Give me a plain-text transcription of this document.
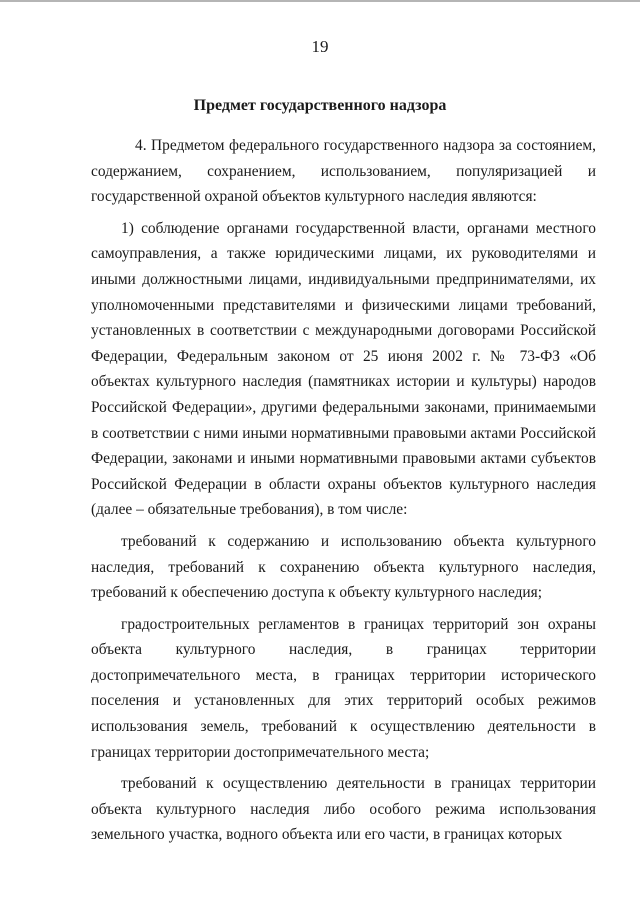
19
Предмет государственного надзора

4. Предметом федерального государственного надзора за состоянием, содержанием, сохранением, использованием, популяризацией и государственной охраной объектов культурного наследия являются:

1) соблюдение органами государственной власти, органами местного самоуправления, а также юридическими лицами, их руководителями и иными должностными лицами, индивидуальными предпринимателями, их уполномоченными представителями и физическими лицами требований, установленных в соответствии с международными договорами Российской Федерации, Федеральным законом от 25 июня 2002 г. № 73-ФЗ «Об объектах культурного наследия (памятниках истории и культуры) народов Российской Федерации», другими федеральными законами, принимаемыми в соответствии с ними иными нормативными правовыми актами Российской Федерации, законами и иными нормативными правовыми актами субъектов Российской Федерации в области охраны объектов культурного наследия (далее – обязательные требования), в том числе:

требований к содержанию и использованию объекта культурного наследия, требований к сохранению объекта культурного наследия, требований к обеспечению доступа к объекту культурного наследия;

градостроительных регламентов в границах территорий зон охраны объекта культурного наследия, в границах территории достопримечательного места, в границах территории исторического поселения и установленных для этих территорий особых режимов использования земель, требований к осуществлению деятельности в границах территории достопримечательного места;

требований к осуществлению деятельности в границах территории объекта культурного наследия либо особого режима использования земельного участка, водного объекта или его части, в границах которых
